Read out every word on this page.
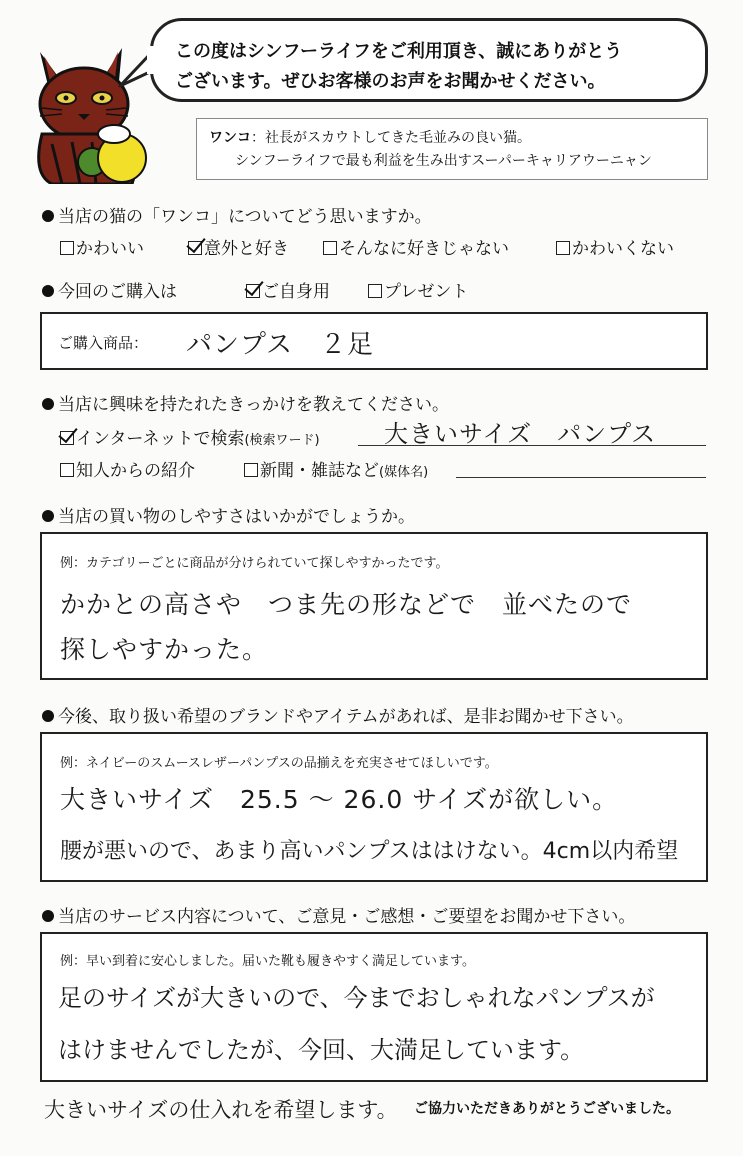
この度はシンフーライフをご利用頂き、誠にありがとう
ございます。ぜひお客様のお声をお聞かせください。
ワンコ：社長がスカウトしてきた毛並みの良い猫。
シンフーライフで最も利益を生み出すスーパーキャリアウーニャン
当店の猫の「ワンコ」についてどう思いますか。
かわいい	意外と好き	そんなに好きじゃない	かわいくない
今回のご購入は	ご自身用	プレゼント
ご購入商品： パンプス　２足
当店に興味を持たれたきっかけを教えてください。
インターネットで検索(検索ワード)	大きいサイズ　パンプス
知人からの紹介	新聞・雑誌など(媒体名)
当店の買い物のしやすさはいかがでしょうか。
例：カテゴリーごとに商品が分けられていて探しやすかったです。
かかとの高さや　つま先の形などで　並べたので
探しやすかった。
今後、取り扱い希望のブランドやアイテムがあれば、是非お聞かせ下さい。
例：ネイビーのスムースレザーパンプスの品揃えを充実させてほしいです。
大きいサイズ　25.5 〜 26.0 サイズが欲しい。
腰が悪いので、あまり高いパンプスははけない。4cm以内希望
当店のサービス内容について、ご意見・ご感想・ご要望をお聞かせ下さい。
例：早い到着に安心しました。届いた靴も履きやすく満足しています。
足のサイズが大きいので、今までおしゃれなパンプスが
はけませんでしたが、今回、大満足しています。
大きいサイズの仕入れを希望します。 ご協力いただきありがとうございました。
